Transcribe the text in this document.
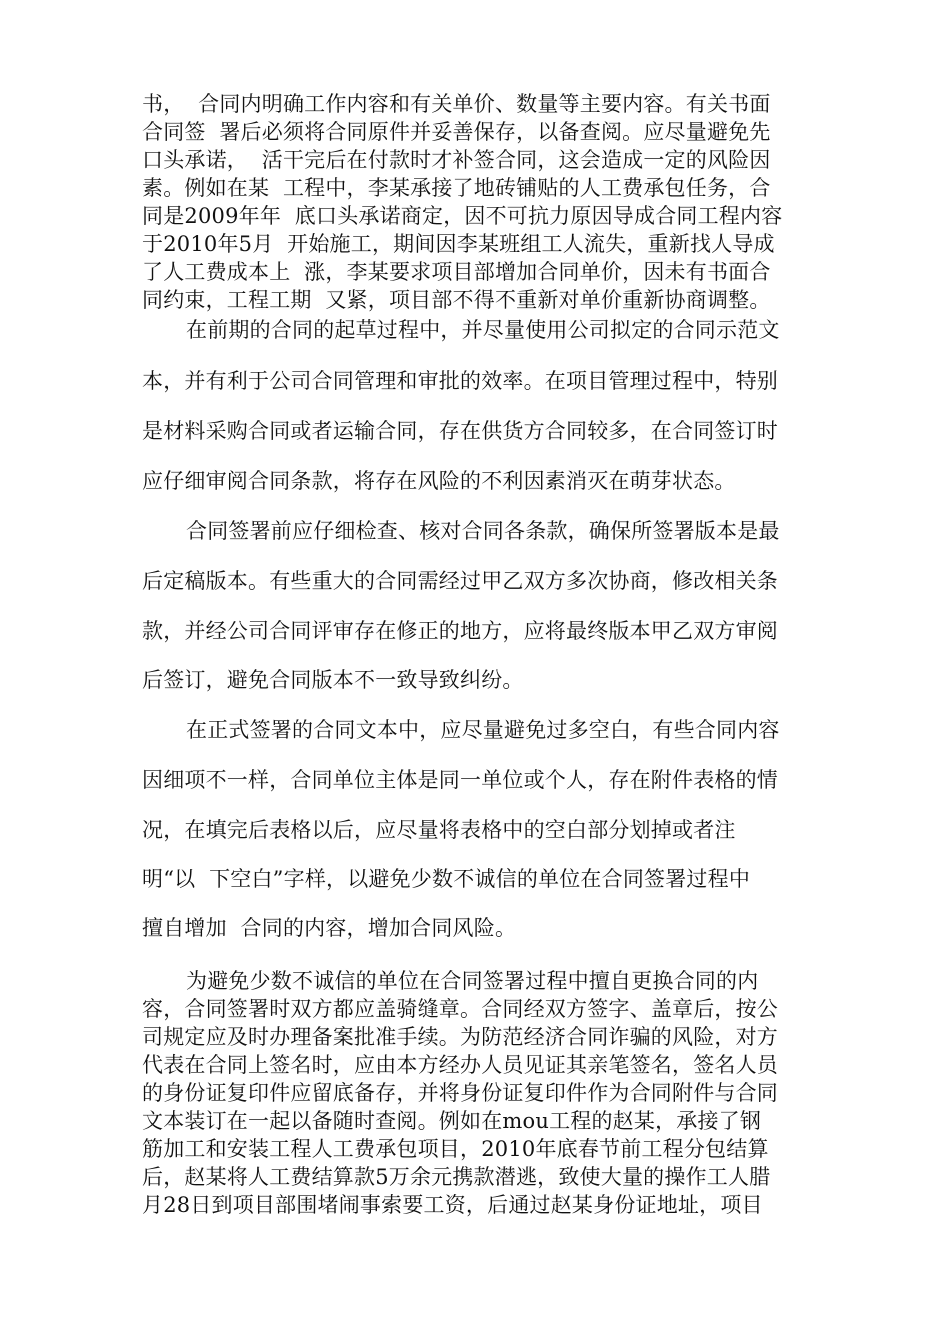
书，  合同内明确工作内容和有关单价、数量等主要内容。有关书面
合同签  署后必须将合同原件并妥善保存，以备查阅。应尽量避免先
口头承诺，  活干完后在付款时才补签合同，这会造成一定的风险因
素。例如在某  工程中，李某承接了地砖铺贴的人工费承包任务，合
同是2009年年  底口头承诺商定，因不可抗力原因导成合同工程内容
于2010年5月  开始施工，期间因李某班组工人流失，重新找人导成
了人工费成本上  涨，李某要求项目部增加合同单价，因未有书面合
同约束，工程工期  又紧，项目部不得不重新对单价重新协商调整。
在前期的合同的起草过程中，并尽量使用公司拟定的合同示范文
本，并有利于公司合同管理和审批的效率。在项目管理过程中，特别
是材料采购合同或者运输合同，存在供货方合同较多，在合同签订时
应仔细审阅合同条款，将存在风险的不利因素消灭在萌芽状态。
合同签署前应仔细检查、核对合同各条款，确保所签署版本是最
后定稿版本。有些重大的合同需经过甲乙双方多次协商，修改相关条
款，并经公司合同评审存在修正的地方，应将最终版本甲乙双方审阅
后签订，避免合同版本不一致导致纠纷。
在正式签署的合同文本中，应尽量避免过多空白，有些合同内容
因细项不一样，合同单位主体是同一单位或个人，存在附件表格的情
况，在填完后表格以后，应尽量将表格中的空白部分划掉或者注
明“以  下空白”字样，以避免少数不诚信的单位在合同签署过程中
擅自增加  合同的内容，增加合同风险。
为避免少数不诚信的单位在合同签署过程中擅自更换合同的内
容，合同签署时双方都应盖骑缝章。合同经双方签字、盖章后，按公
司规定应及时办理备案批准手续。为防范经济合同诈骗的风险，对方
代表在合同上签名时，应由本方经办人员见证其亲笔签名，签名人员
的身份证复印件应留底备存，并将身份证复印件作为合同附件与合同
文本装订在一起以备随时查阅。例如在mou工程的赵某，承接了钢
筋加工和安装工程人工费承包项目，2010年底春节前工程分包结算
后，赵某将人工费结算款5万余元携款潜逃，致使大量的操作工人腊
月28日到项目部围堵闹事索要工资，后通过赵某身份证地址，项目
